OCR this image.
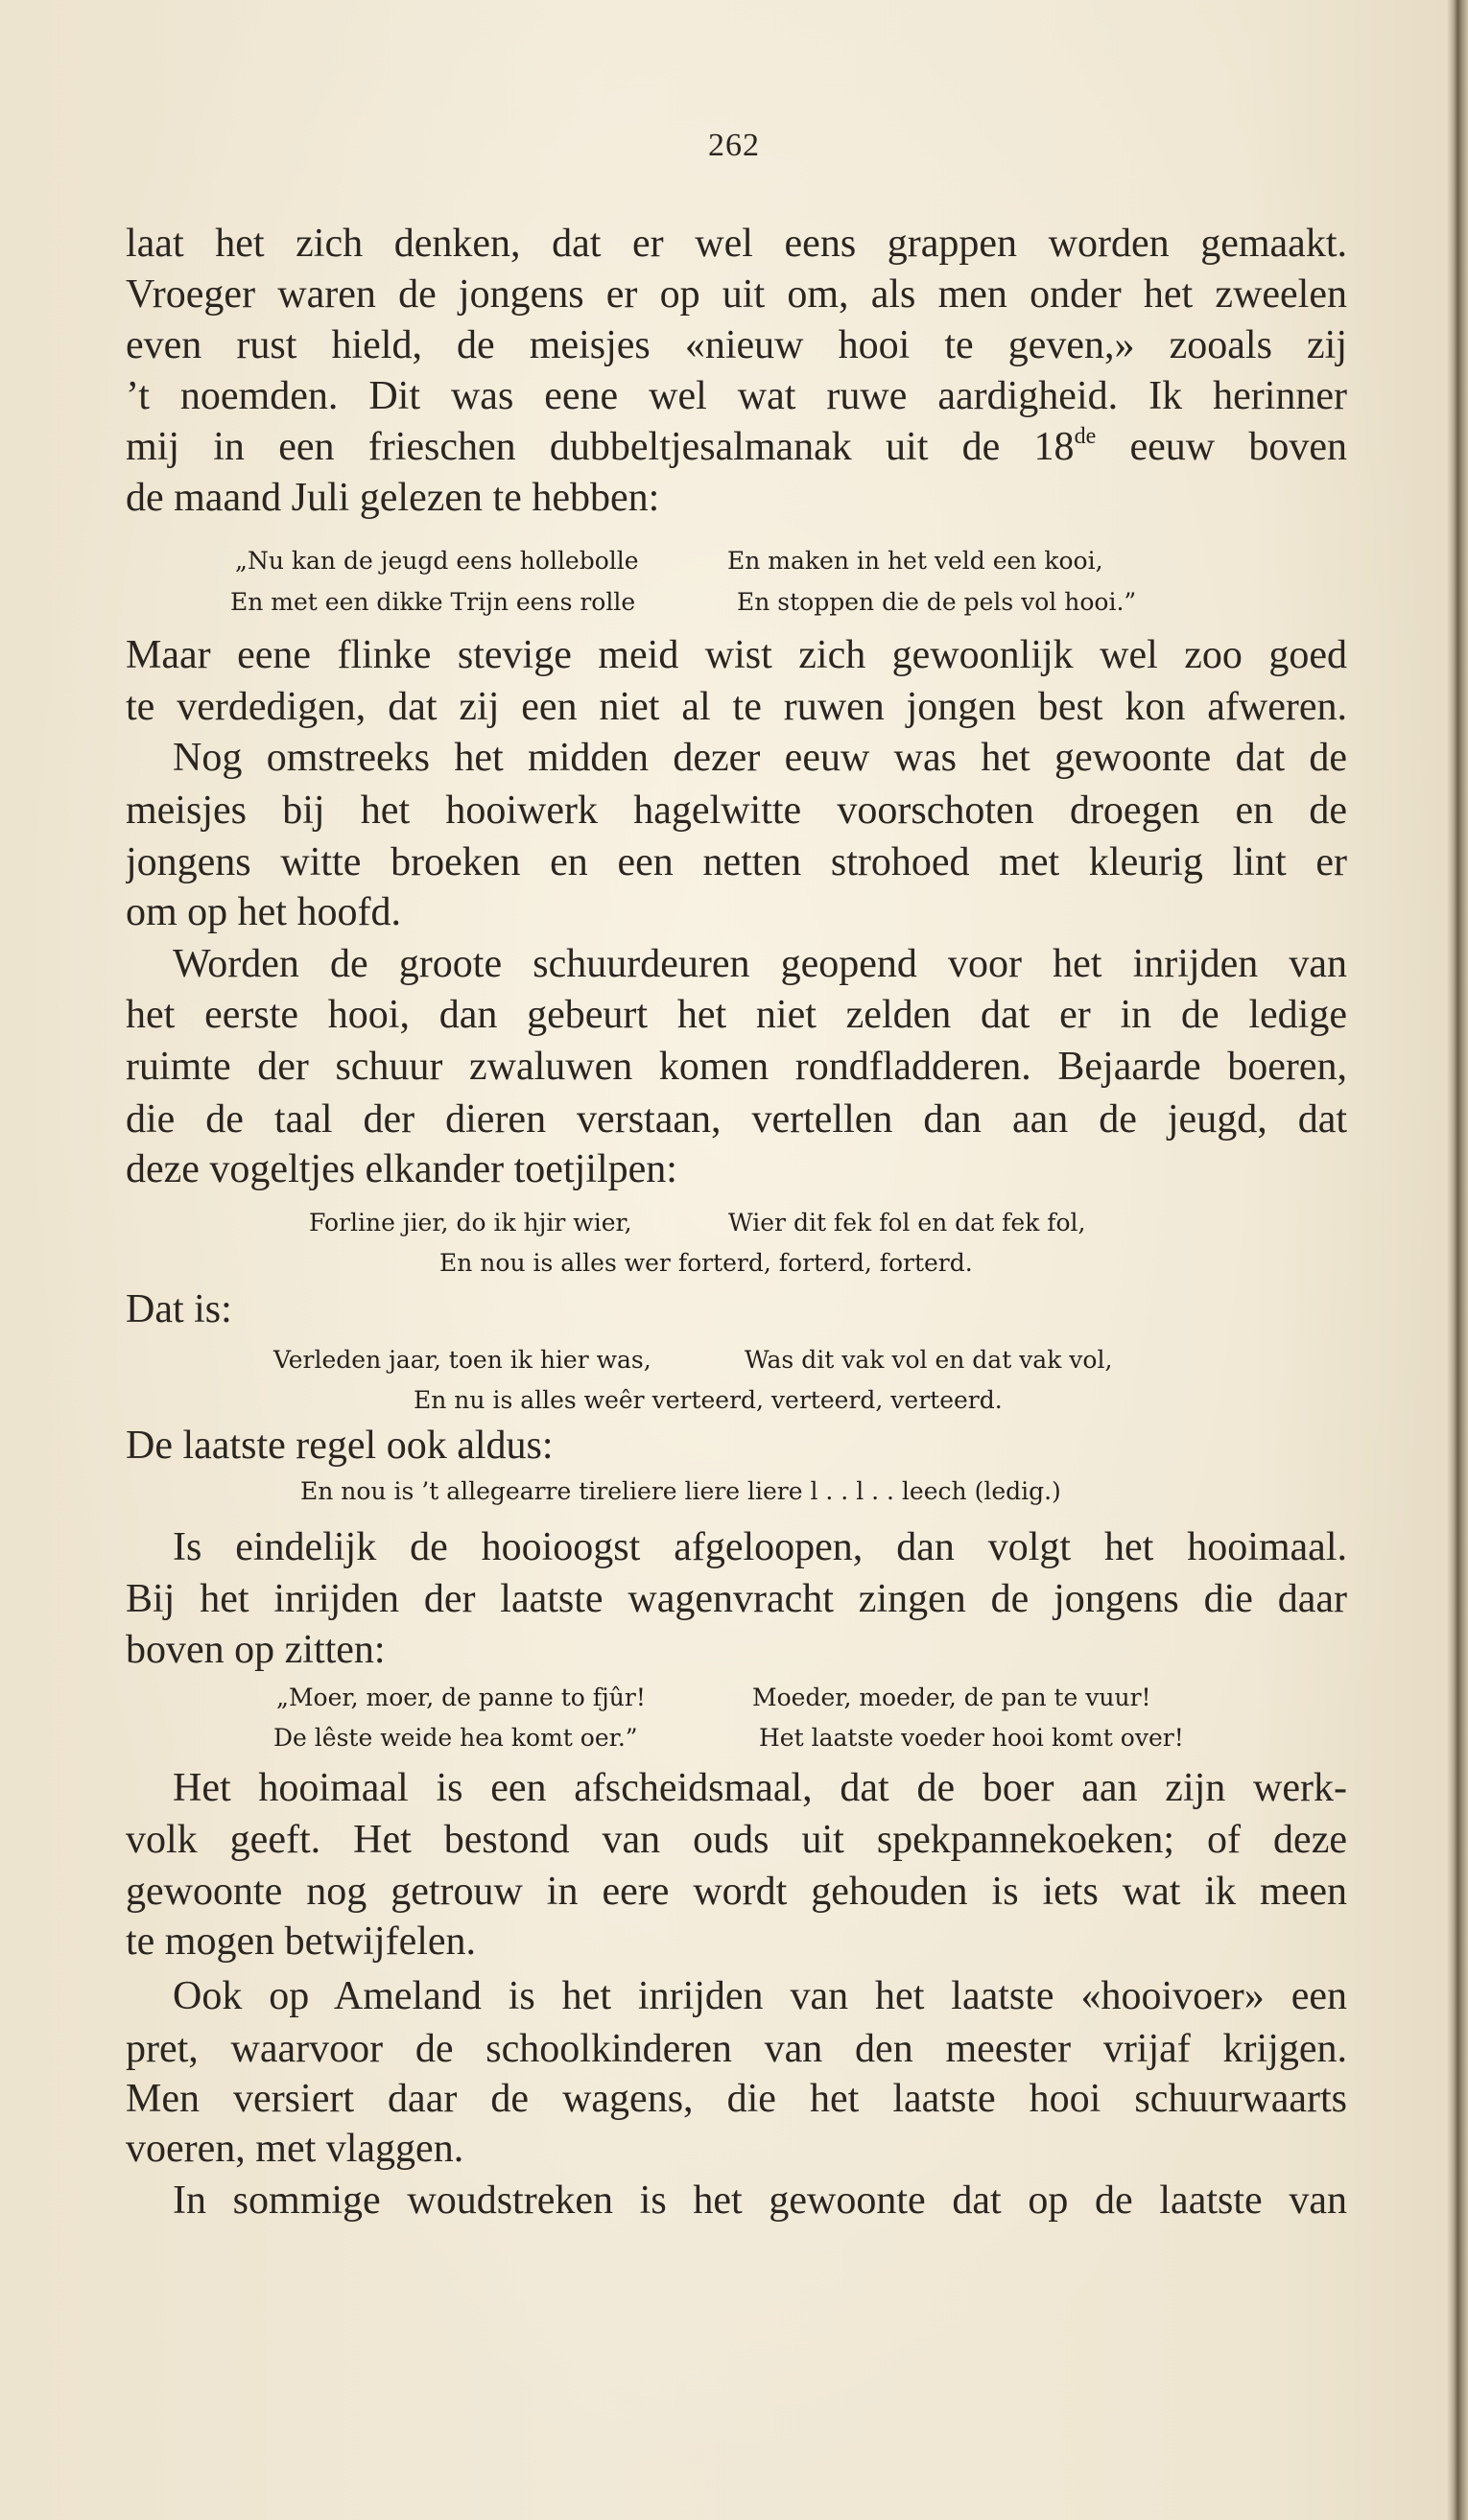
262
laat het zich denken, dat er wel eens grappen worden gemaakt.
Vroeger waren de jongens er op uit om, als men onder het zweelen
even rust hield, de meisjes «nieuw hooi te geven,» zooals zij
’t noemden. Dit was eene wel wat ruwe aardigheid. Ik herinner
mij in een frieschen dubbeltjesalmanak uit de 18de eeuw boven
de maand Juli gelezen te hebben:
„Nu kan de jeugd eens hollebolle	En maken in het veld een kooi,
En met een dikke Trijn eens rolle	En stoppen die de pels vol hooi.”
Maar eene flinke stevige meid wist zich gewoonlijk wel zoo goed
te verdedigen, dat zij een niet al te ruwen jongen best kon afweren.
Nog omstreeks het midden dezer eeuw was het gewoonte dat de
meisjes bij het hooiwerk hagelwitte voorschoten droegen en de
jongens witte broeken en een netten strohoed met kleurig lint er
om op het hoofd.
Worden de groote schuurdeuren geopend voor het inrijden van
het eerste hooi, dan gebeurt het niet zelden dat er in de ledige
ruimte der schuur zwaluwen komen rondfladderen. Bejaarde boeren,
die de taal der dieren verstaan, vertellen dan aan de jeugd, dat
deze vogeltjes elkander toetjilpen:
Forline jier, do ik hjir wier,	Wier dit fek fol en dat fek fol,
En nou is alles wer forterd, forterd, forterd.
Dat is:
Verleden jaar, toen ik hier was,	Was dit vak vol en dat vak vol,
En nu is alles weêr verteerd, verteerd, verteerd.
De laatste regel ook aldus:
En nou is ’t allegearre tireliere liere liere l . . l . . leech (ledig.)
Is eindelijk de hooioogst afgeloopen, dan volgt het hooimaal.
Bij het inrijden der laatste wagenvracht zingen de jongens die daar
boven op zitten:
„Moer, moer, de panne to fjûr!	Moeder, moeder, de pan te vuur!
De lêste weide hea komt oer.”	Het laatste voeder hooi komt over!
Het hooimaal is een afscheidsmaal, dat de boer aan zijn werk-
volk geeft. Het bestond van ouds uit spekpannekoeken; of deze
gewoonte nog getrouw in eere wordt gehouden is iets wat ik meen
te mogen betwijfelen.
Ook op Ameland is het inrijden van het laatste «hooivoer» een
pret, waarvoor de schoolkinderen van den meester vrijaf krijgen.
Men versiert daar de wagens, die het laatste hooi schuurwaarts
voeren, met vlaggen.
In sommige woudstreken is het gewoonte dat op de laatste van
